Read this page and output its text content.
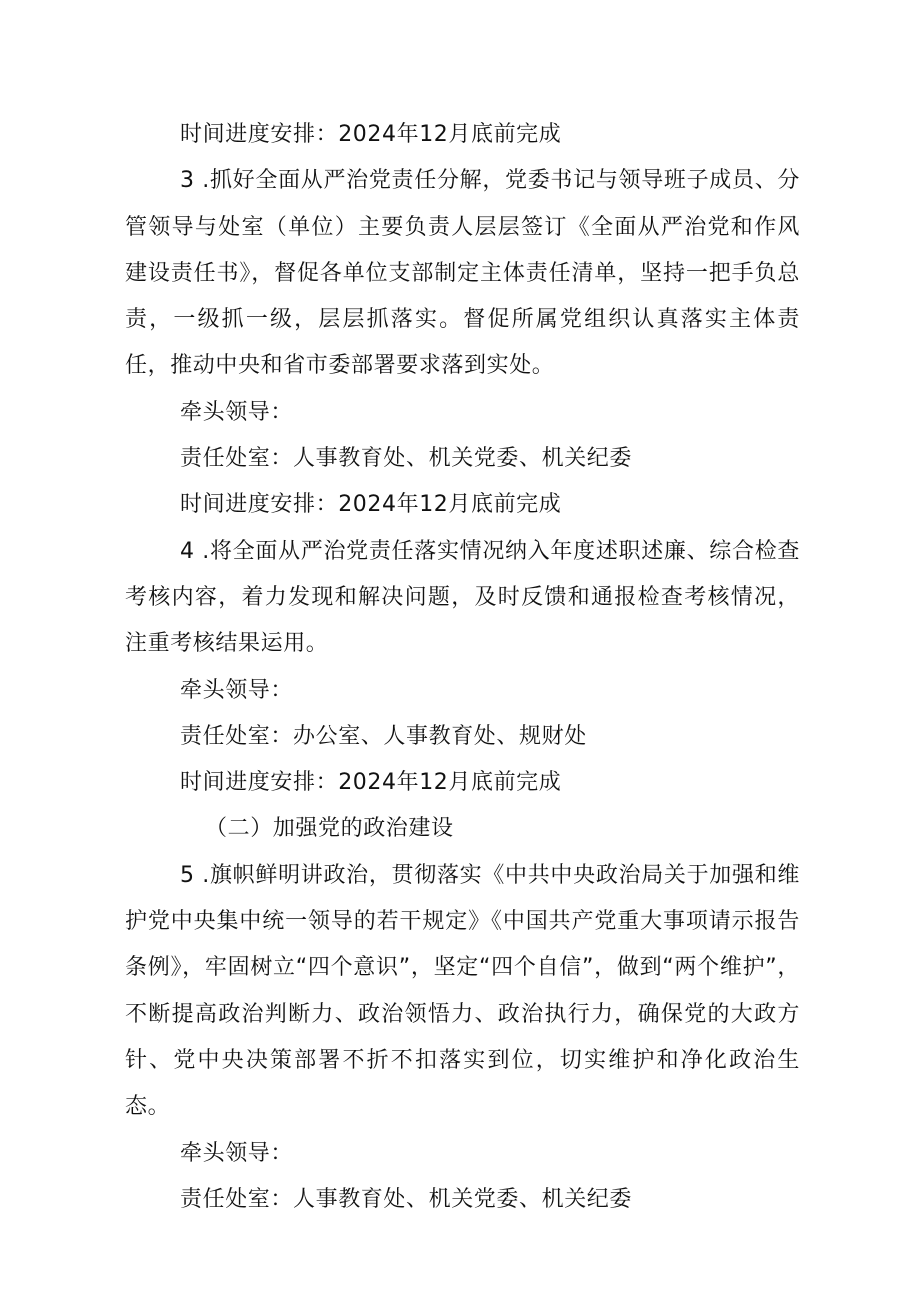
时间进度安排：2024年12月底前完成
3 .抓好全面从严治党责任分解，党委书记与领导班子成员、分管领导与处室（单位）主要负责人层层签订《全面从严治党和作风建设责任书》，督促各单位支部制定主体责任清单，坚持一把手负总责，一级抓一级，层层抓落实。督促所属党组织认真落实主体责任，推动中央和省市委部署要求落到实处。
牵头领导：
责任处室：人事教育处、机关党委、机关纪委
时间进度安排：2024年12月底前完成
4 .将全面从严治党责任落实情况纳入年度述职述廉、综合检查考核内容，着力发现和解决问题，及时反馈和通报检查考核情况，注重考核结果运用。
牵头领导：
责任处室：办公室、人事教育处、规财处
时间进度安排：2024年12月底前完成
（二）加强党的政治建设
5 .旗帜鲜明讲政治，贯彻落实《中共中央政治局关于加强和维护党中央集中统一领导的若干规定》《中国共产党重大事项请示报告条例》，牢固树立“四个意识”，坚定“四个自信”，做到“两个维护”，不断提高政治判断力、政治领悟力、政治执行力，确保党的大政方针、党中央决策部署不折不扣落实到位，切实维护和净化政治生态。
牵头领导：
责任处室：人事教育处、机关党委、机关纪委
